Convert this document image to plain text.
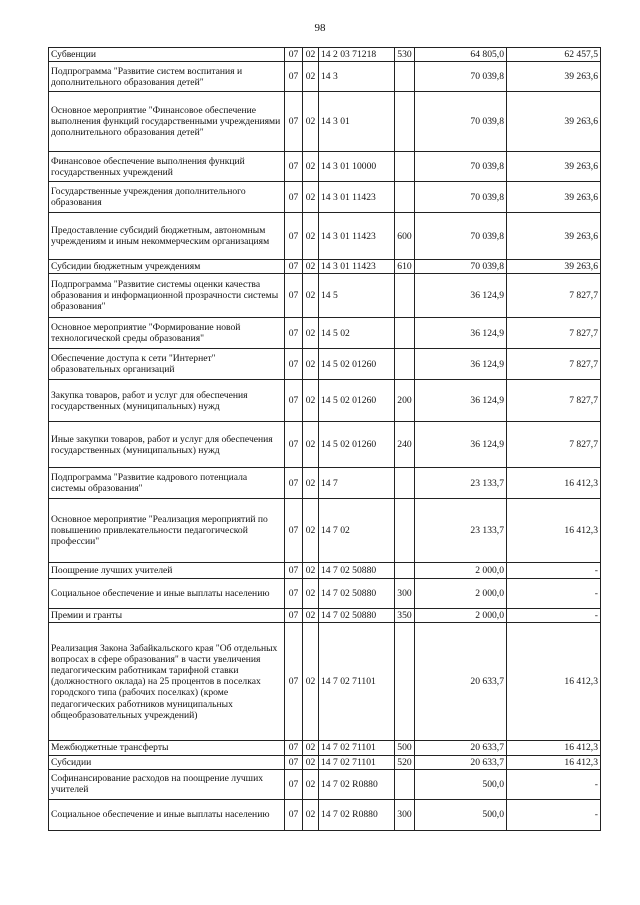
98
Субвенции	07	02	14 2 03 71218	530	64 805,0	62 457,5
Подпрограмма "Развитие систем воспитания и дополнительного образования детей"	07	02	14 3		70 039,8	39 263,6
Основное мероприятие "Финансовое обеспечение выполнения функций государственными учреждениями дополнительного образования детей"	07	02	14 3 01		70 039,8	39 263,6
Финансовое обеспечение выполнения функций государственных учреждений	07	02	14 3 01 10000		70 039,8	39 263,6
Государственные учреждения дополнительного образования	07	02	14 3 01 11423		70 039,8	39 263,6
Предоставление субсидий бюджетным, автономным учреждениям и иным некоммерческим организациям	07	02	14 3 01 11423	600	70 039,8	39 263,6
Субсидии бюджетным учреждениям	07	02	14 3 01 11423	610	70 039,8	39 263,6
Подпрограмма "Развитие системы оценки качества образования и информационной прозрачности системы образования"	07	02	14 5		36 124,9	7 827,7
Основное мероприятие "Формирование новой технологической среды образования"	07	02	14 5 02		36 124,9	7 827,7
Обеспечение доступа к сети "Интернет" образовательных организаций	07	02	14 5 02 01260		36 124,9	7 827,7
Закупка товаров, работ и услуг для обеспечения государственных (муниципальных) нужд	07	02	14 5 02 01260	200	36 124,9	7 827,7
Иные закупки товаров, работ и услуг для обеспечения государственных (муниципальных) нужд	07	02	14 5 02 01260	240	36 124,9	7 827,7
Подпрограмма "Развитие кадрового потенциала системы образования"	07	02	14 7		23 133,7	16 412,3
Основное мероприятие "Реализация мероприятий по повышению привлекательности педагогической профессии"	07	02	14 7 02		23 133,7	16 412,3
Поощрение лучших учителей	07	02	14 7 02 50880		2 000,0	-
Социальное обеспечение и иные выплаты населению	07	02	14 7 02 50880	300	2 000,0	-
Премии и гранты	07	02	14 7 02 50880	350	2 000,0	-
Реализация Закона Забайкальского края "Об отдельных вопросах в сфере образования" в части увеличения педагогическим работникам тарифной ставки (должностного оклада) на 25 процентов в поселках городского типа (рабочих поселках) (кроме педагогических работников муниципальных общеобразовательных учреждений)	07	02	14 7 02 71101		20 633,7	16 412,3
Межбюджетные трансферты	07	02	14 7 02 71101	500	20 633,7	16 412,3
Субсидии	07	02	14 7 02 71101	520	20 633,7	16 412,3
Софинансирование расходов на поощрение лучших учителей	07	02	14 7 02 R0880		500,0	-
Социальное обеспечение и иные выплаты населению	07	02	14 7 02 R0880	300	500,0	-
